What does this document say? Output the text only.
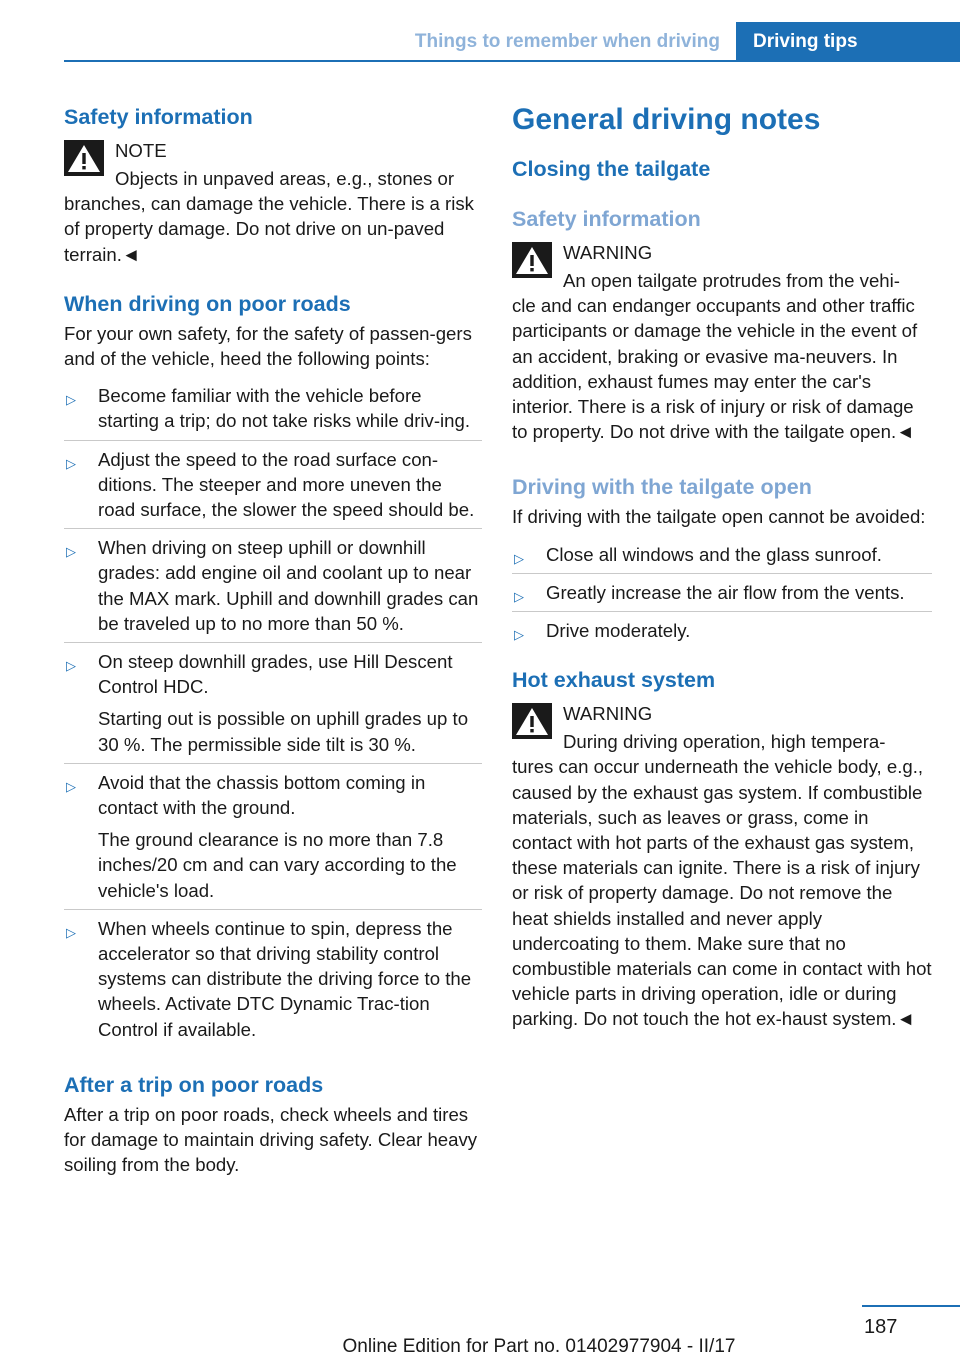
Things to remember when driving	Driving tips
Safety information
NOTE
Objects in unpaved areas, e.g., stones or

branches, can damage the vehicle. There is a risk of property damage. Do not drive on un‐paved terrain.◄

When driving on poor roads

For your own safety, for the safety of passen‐gers and of the vehicle, heed the following points:

▷ Become familiar with the vehicle before starting a trip; do not take risks while driv‐ing.

▷ Adjust the speed to the road surface con‐ditions. The steeper and more uneven the road surface, the slower the speed should be.

▷ When driving on steep uphill or downhill grades: add engine oil and coolant up to near the MAX mark. Uphill and downhill grades can be traveled up to no more than 50 %.

▷ On steep downhill grades, use Hill Descent Control HDC.

Starting out is possible on uphill grades up to 30 %. The permissible side tilt is 30 %.

▷ Avoid that the chassis bottom coming in contact with the ground.

The ground clearance is no more than 7.8 inches/20 cm and can vary according to the vehicle's load.

▷ When wheels continue to spin, depress the accelerator so that driving stability control systems can distribute the driving force to the wheels. Activate DTC Dynamic Trac‐tion Control if available.

After a trip on poor roads

After a trip on poor roads, check wheels and tires for damage to maintain driving safety. Clear heavy soiling from the body.

General driving notes
Closing the tailgate
Safety information
WARNING
An open tailgate protrudes from the vehi‐

cle and can endanger occupants and other traffic participants or damage the vehicle in the event of an accident, braking or evasive ma‐neuvers. In addition, exhaust fumes may enter the car's interior. There is a risk of injury or risk of damage to property. Do not drive with the tailgate open.◄

Driving with the tailgate open

If driving with the tailgate open cannot be avoided:

▷ Close all windows and the glass sunroof.

▷ Greatly increase the air flow from the vents.

▷ Drive moderately.

Hot exhaust system
WARNING
During driving operation, high tempera‐

tures can occur underneath the vehicle body, e.g., caused by the exhaust gas system. If combustible materials, such as leaves or grass, come in contact with hot parts of the exhaust gas system, these materials can ignite. There is a risk of injury or risk of property damage. Do not remove the heat shields installed and never apply undercoating to them. Make sure that no combustible materials can come in contact with hot vehicle parts in driving operation, idle or during parking. Do not touch the hot ex‐haust system.◄

187
Online Edition for Part no. 01402977904 - II/17
